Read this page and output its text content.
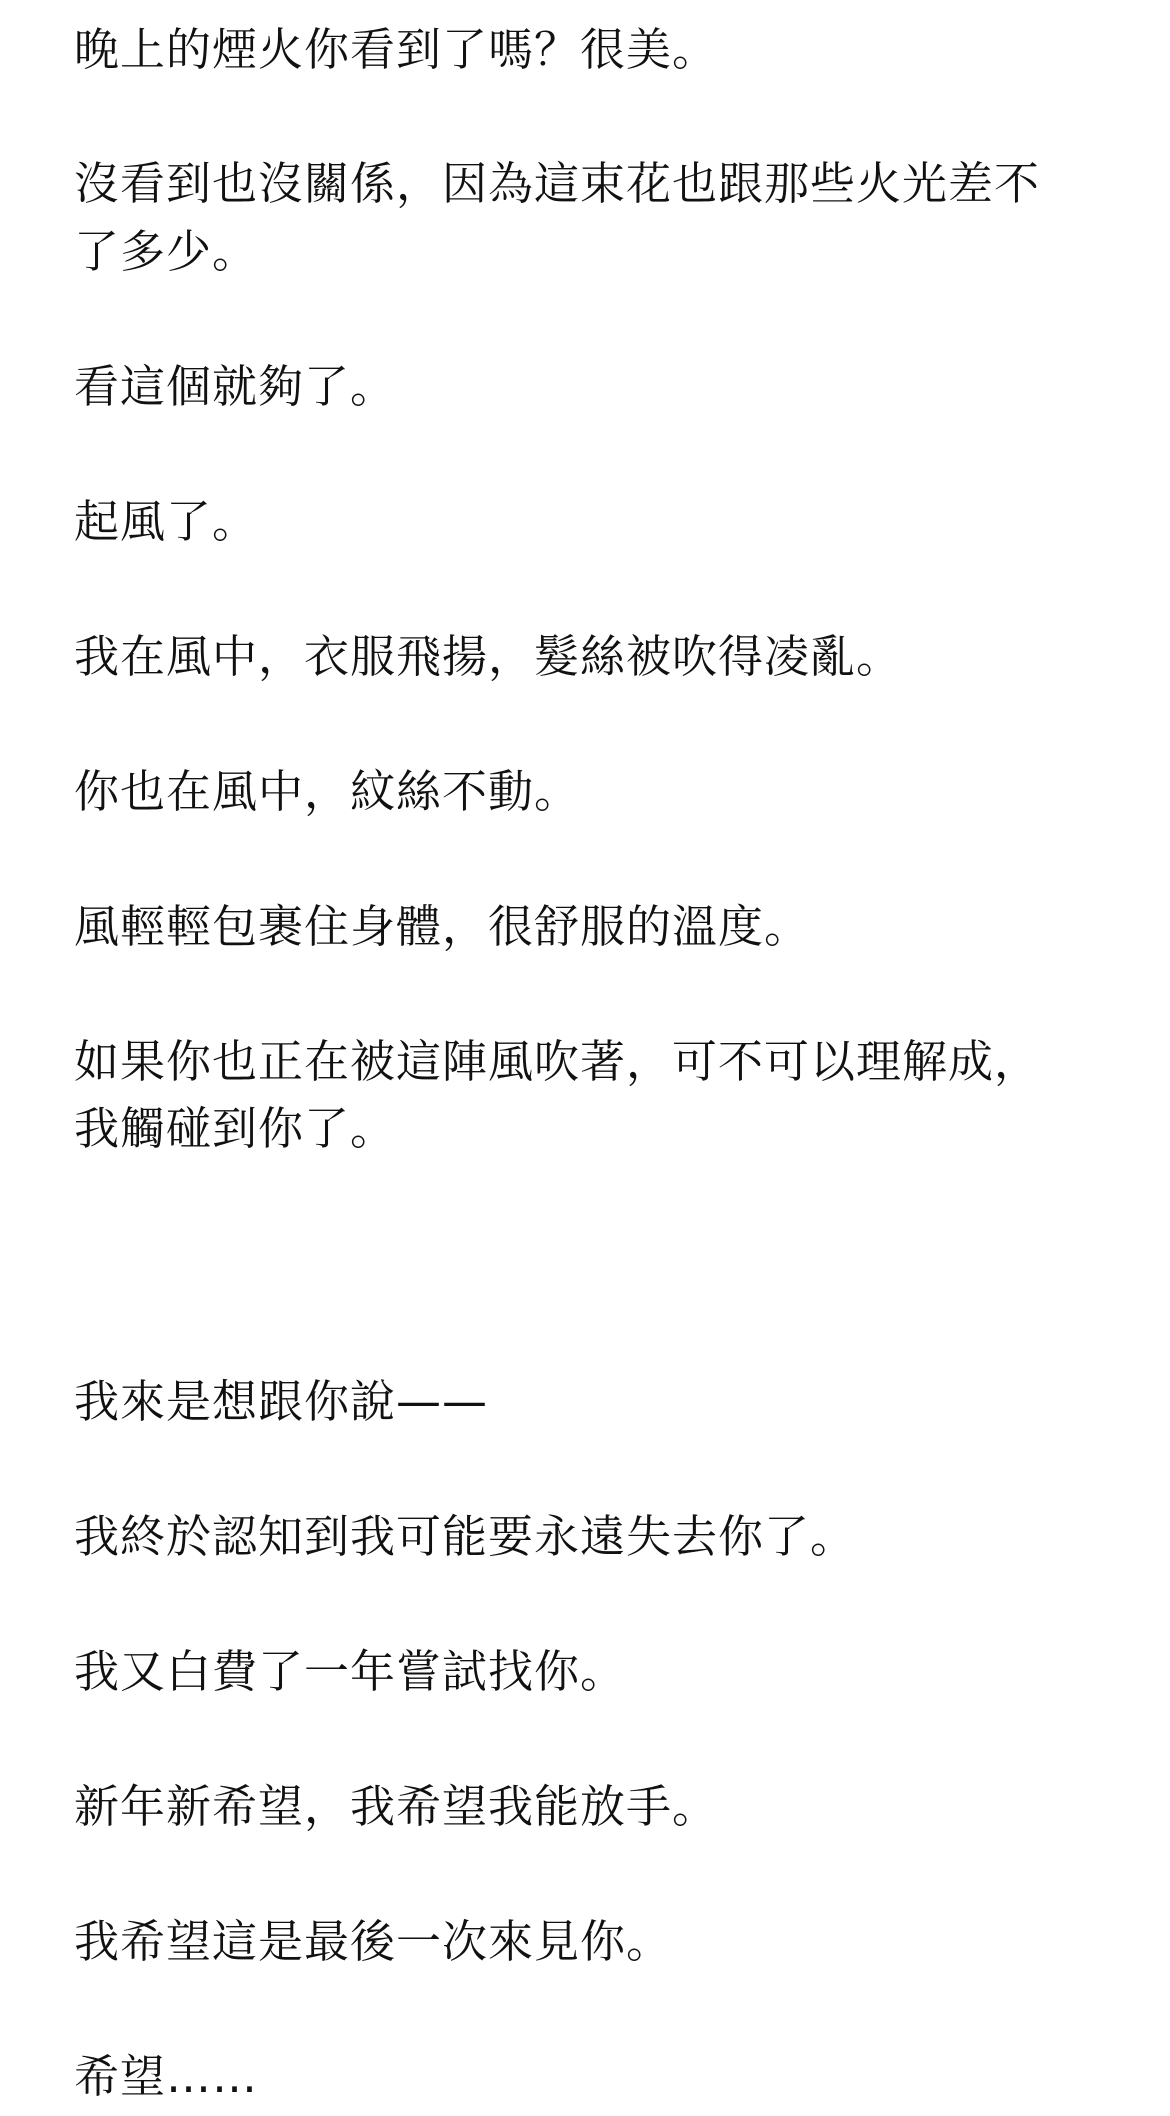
晚上的煙火你看到了嗎？很美。

沒看到也沒關係，因為這束花也跟那些火光差不

了多少。

看這個就夠了。

起風了。

我在風中，衣服飛揚，髮絲被吹得凌亂。

你也在風中，紋絲不動。

風輕輕包裹住身體，很舒服的溫度。

如果你也正在被這陣風吹著，可不可以理解成，

我觸碰到你了。

我來是想跟你說——

我終於認知到我可能要永遠失去你了。

我又白費了一年嘗試找你。

新年新希望，我希望我能放手。

我希望這是最後一次來見你。

希望……
